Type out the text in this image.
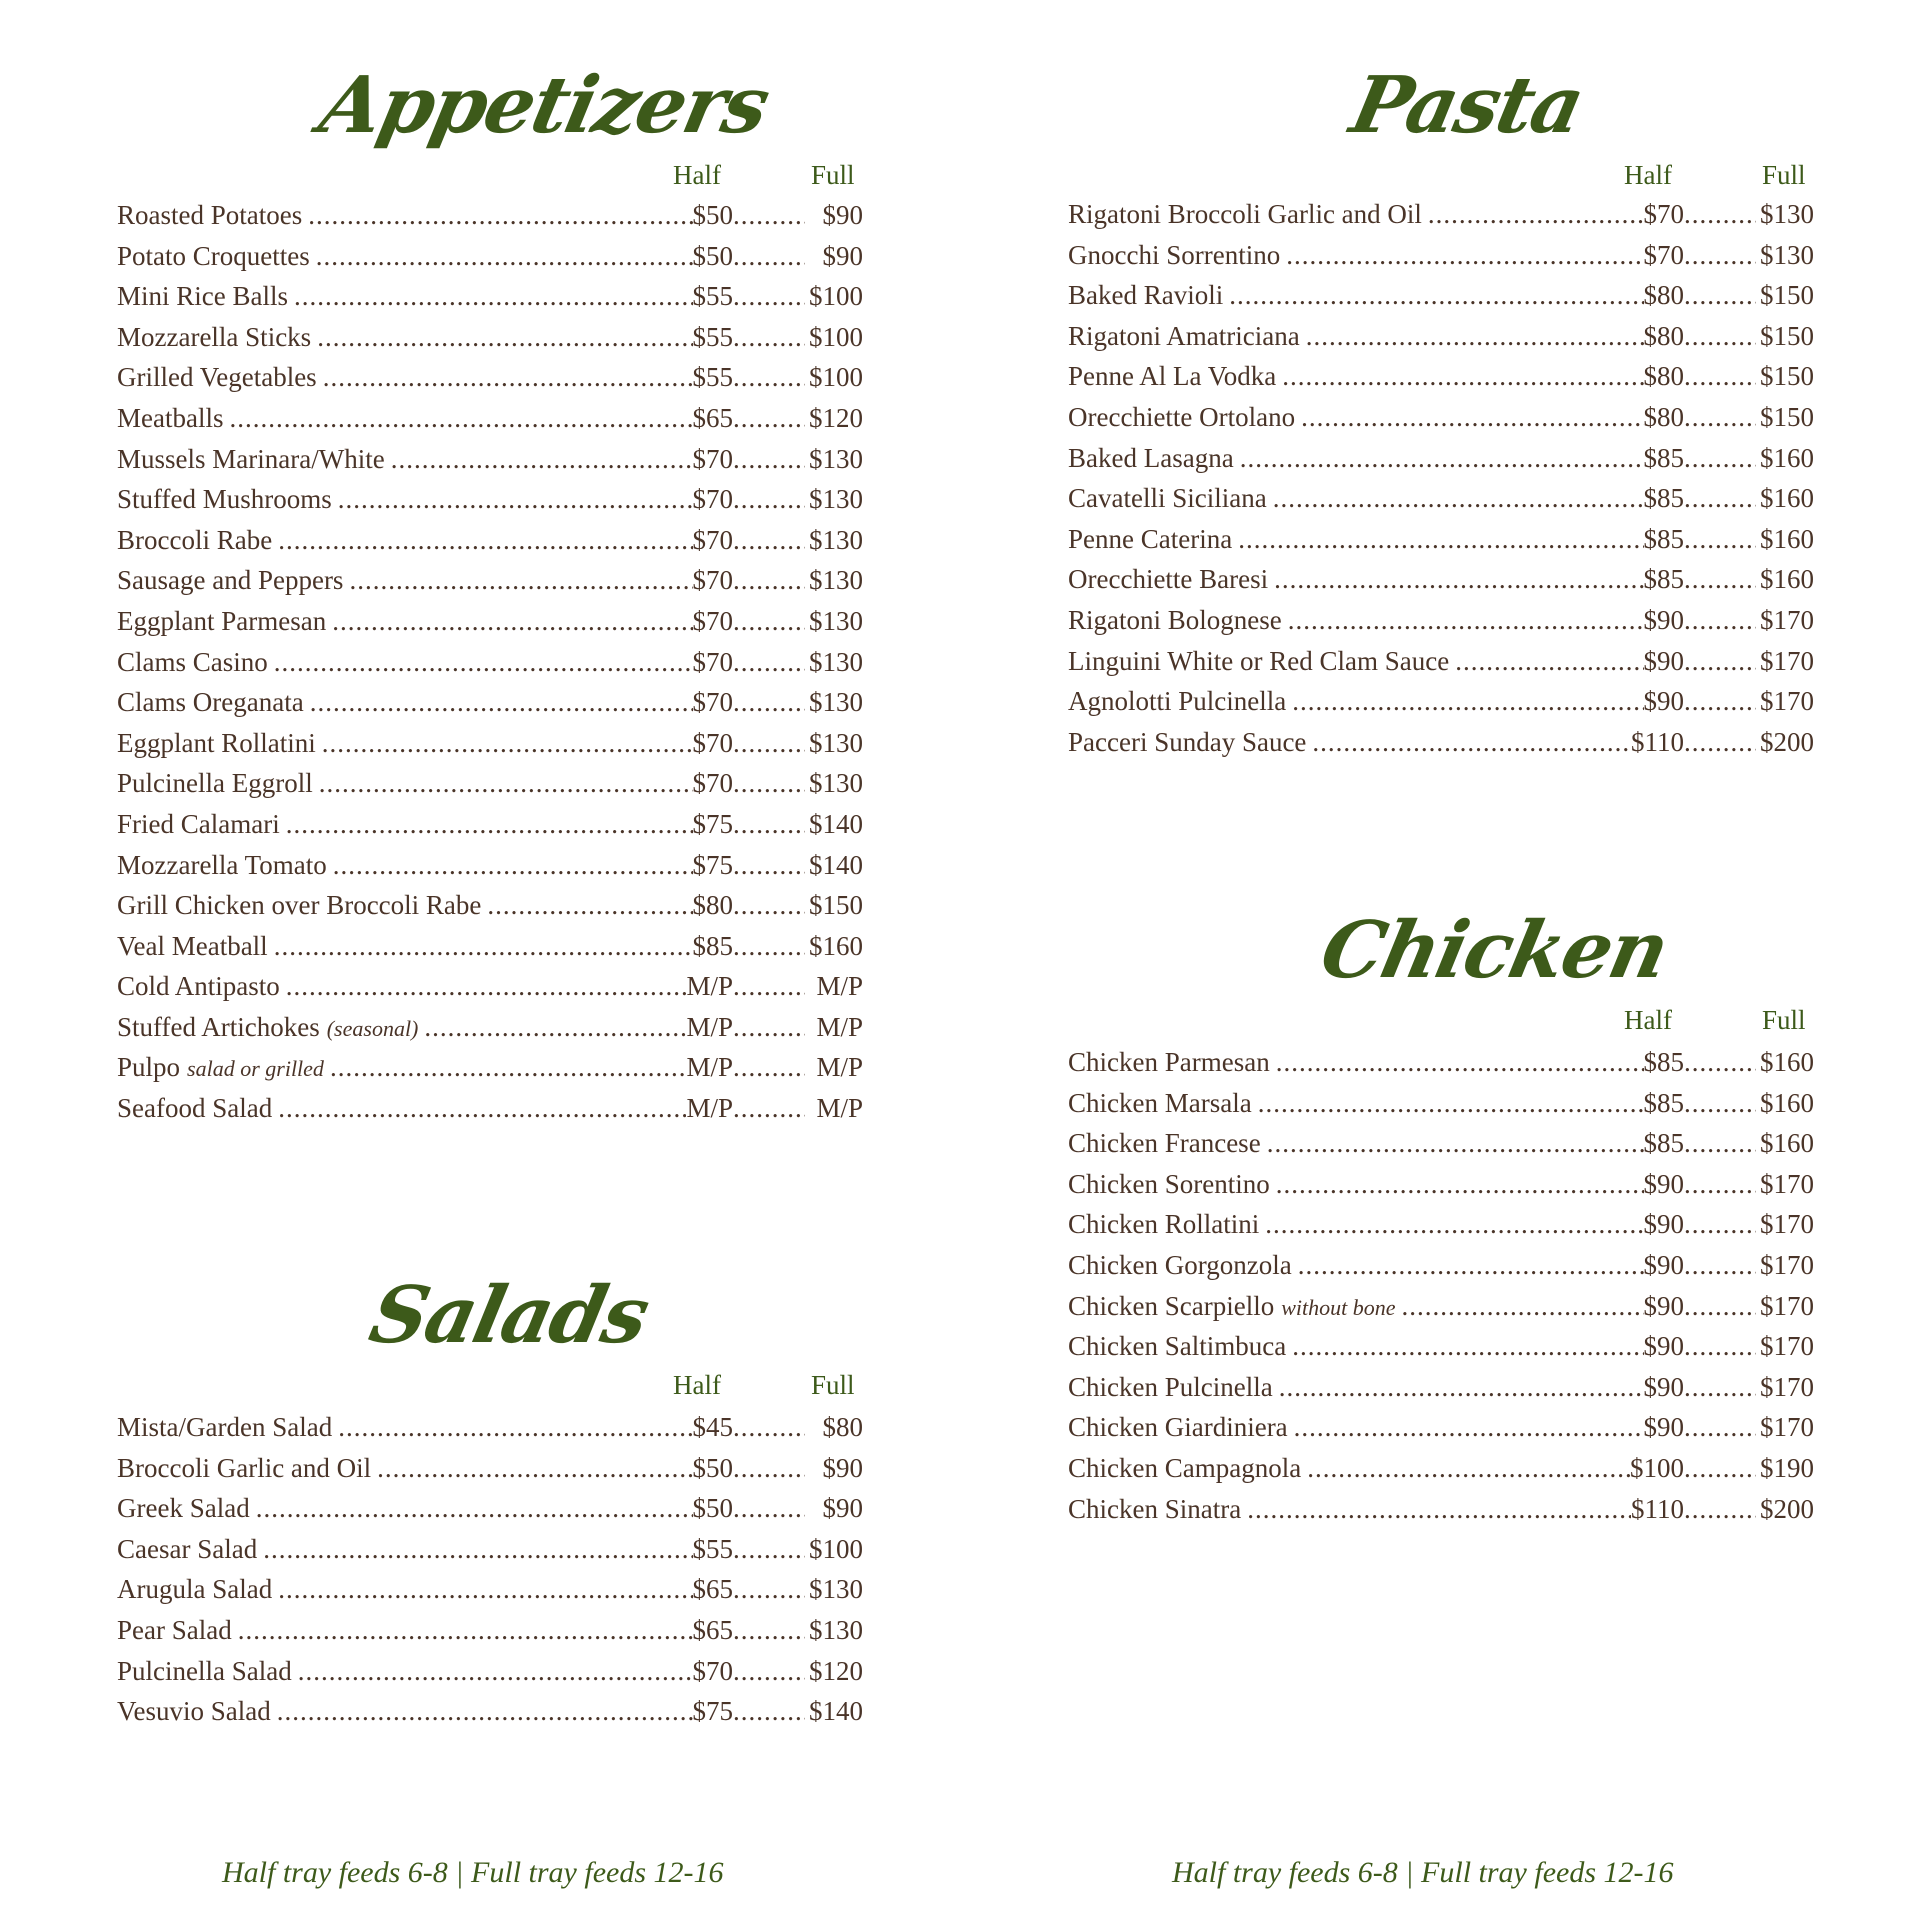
Appetizers
Half	Full
Roasted Potatoes .....	$50 .....	$90
Potato Croquettes .....	$50 .....	$90
Mini Rice Balls .....	$55 .....	$100
Mozzarella Sticks .....	$55 .....	$100
Grilled Vegetables .....	$55 .....	$100
Meatballs .....	$65 .....	$120
Mussels Marinara/White .....	$70 .....	$130
Stuffed Mushrooms .....	$70 .....	$130
Broccoli Rabe .....	$70 .....	$130
Sausage and Peppers .....	$70 .....	$130
Eggplant Parmesan .....	$70 .....	$130
Clams Casino .....	$70 .....	$130
Clams Oreganata .....	$70 .....	$130
Eggplant Rollatini .....	$70 .....	$130
Pulcinella Eggroll .....	$70 .....	$130
Fried Calamari .....	$75 .....	$140
Mozzarella Tomato .....	$75 .....	$140
Grill Chicken over Broccoli Rabe .....	$80 .....	$150
Veal Meatball .....	$85 .....	$160
Cold Antipasto .....	M/P .....	M/P
Stuffed Artichokes (seasonal) .....	M/P .....	M/P
Pulpo salad or grilled .....	M/P .....	M/P
Seafood Salad .....	M/P .....	M/P
Salads
Half	Full
Mista/Garden Salad .....	$45 .....	$80
Broccoli Garlic and Oil .....	$50 .....	$90
Greek Salad .....	$50 .....	$90
Caesar Salad .....	$55 .....	$100
Arugula Salad .....	$65 .....	$130
Pear Salad .....	$65 .....	$130
Pulcinella Salad .....	$70 .....	$120
Vesuvio Salad .....	$75 .....	$140
Pasta
Half	Full
Rigatoni Broccoli Garlic and Oil .....	$70 .....	$130
Gnocchi Sorrentino .....	$70 .....	$130
Baked Ravioli .....	$80 .....	$150
Rigatoni Amatriciana .....	$80 .....	$150
Penne Al La Vodka .....	$80 .....	$150
Orecchiette Ortolano .....	$80 .....	$150
Baked Lasagna .....	$85 .....	$160
Cavatelli Siciliana .....	$85 .....	$160
Penne Caterina .....	$85 .....	$160
Orecchiette Baresi .....	$85 .....	$160
Rigatoni Bolognese .....	$90 .....	$170
Linguini White or Red Clam Sauce .....	$90 .....	$170
Agnolotti Pulcinella .....	$90 .....	$170
Pacceri Sunday Sauce .....	$110 .....	$200
Chicken
Half	Full
Chicken Parmesan .....	$85 .....	$160
Chicken Marsala .....	$85 .....	$160
Chicken Francese .....	$85 .....	$160
Chicken Sorentino .....	$90 .....	$170
Chicken Rollatini .....	$90 .....	$170
Chicken Gorgonzola .....	$90 .....	$170
Chicken Scarpiello without bone .....	$90 .....	$170
Chicken Saltimbuca .....	$90 .....	$170
Chicken Pulcinella .....	$90 .....	$170
Chicken Giardiniera .....	$90 .....	$170
Chicken Campagnola .....	$100 .....	$190
Chicken Sinatra .....	$110 .....	$200
Half tray feeds 6-8 | Full tray feeds 12-16	Half tray feeds 6-8 | Full tray feeds 12-16
